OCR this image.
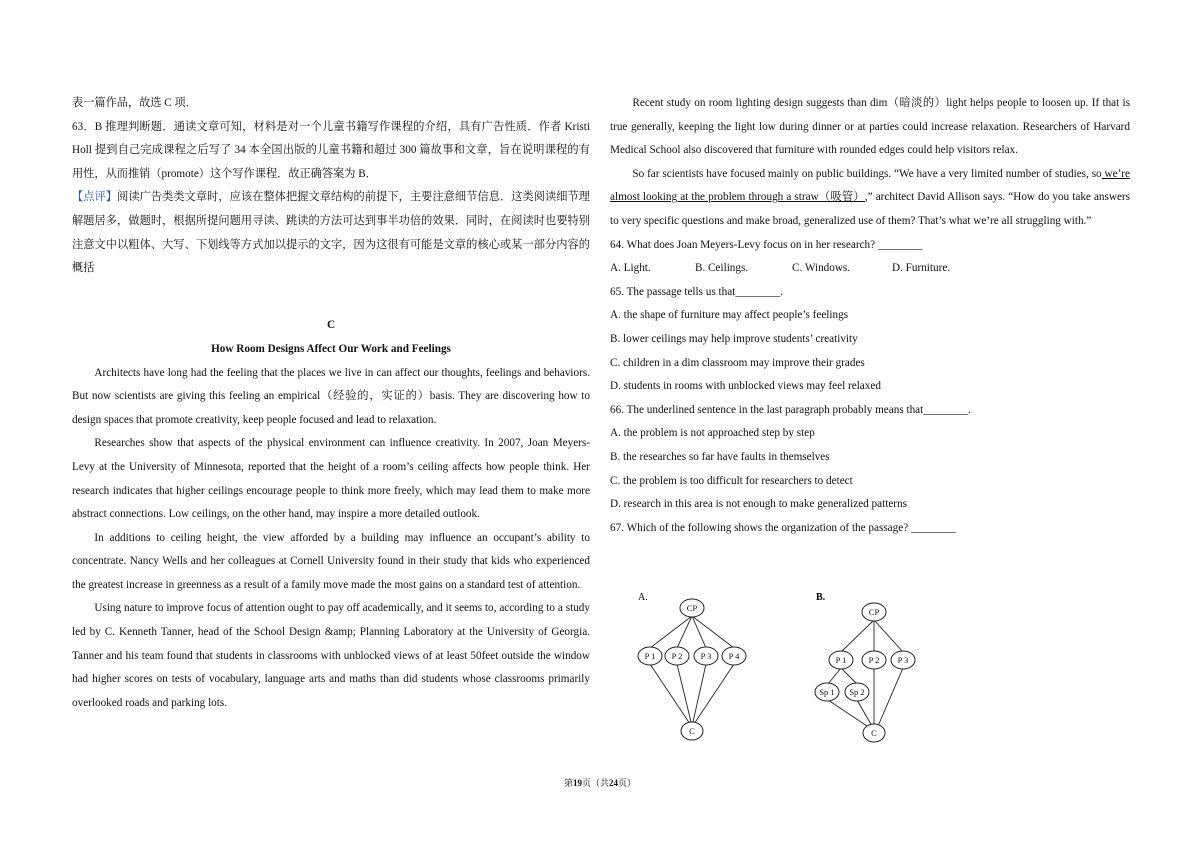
表一篇作品，故选 C 项．

63．B 推理判断题．通读文章可知，材料是对一个儿童书籍写作课程的介绍，具有广告性质．作者 Kristi Holl 提到自己完成课程之后写了 34 本全国出版的儿童书籍和超过 300 篇故事和文章，旨在说明课程的有用性，从而推销（promote）这个写作课程．故正确答案为 B．

【点评】阅读广告类类文章时，应该在整体把握文章结构的前提下，主要注意细节信息．这类阅读细节理解题居多，做题时，根据所提问题用寻读、跳读的方法可达到事半功倍的效果．同时，在阅读时也要特别注意文中以粗体、大写、下划线等方式加以提示的文字，因为这很有可能是文章的核心或某一部分内容的概括

C

How Room Designs Affect Our Work and Feelings

Architects have long had the feeling that the places we live in can affect our thoughts, feelings and behaviors. But now scientists are giving this feeling an empirical（经验的，实证的）basis. They are discovering how to design spaces that promote creativity, keep people focused and lead to relaxation.

Researches show that aspects of the physical environment can influence creativity. In 2007, Joan Meyers-Levy at the University of Minnesota, reported that the height of a room’s ceiling affects how people think. Her research indicates that higher ceilings encourage people to think more freely, which may lead them to make more abstract connections. Low ceilings, on the other hand, may inspire a more detailed outlook.

In additions to ceiling height, the view afforded by a building may influence an occupant’s ability to concentrate. Nancy Wells and her colleagues at Cornell University found in their study that kids who experienced the greatest increase in greenness as a result of a family move made the most gains on a standard test of attention.

Using nature to improve focus of attention ought to pay off academically, and it seems to, according to a study led by C. Kenneth Tanner, head of the School Design &amp; Planning Laboratory at the University of Georgia. Tanner and his team found that students in classrooms with unblocked views of at least 50feet outside the window had higher scores on tests of vocabulary, language arts and maths than did students whose classrooms primarily overlooked roads and parking lots.

Recent study on room lighting design suggests than dim（暗淡的）light helps people to loosen up. If that is true generally, keeping the light low during dinner or at parties could increase relaxation. Researchers of Harvard Medical School also discovered that furniture with rounded edges could help visitors relax.

So far scientists have focused mainly on public buildings. “We have a very limited number of studies, so we’re almost looking at the problem through a straw（吸管）,” architect David Allison says. “How do you take answers to very specific questions and make broad, generalized use of them? That’s what we’re all struggling with.”

64. What does Joan Meyers-Levy focus on in her research? ________

A. Light.	B. Ceilings.	C. Windows.	D. Furniture.

65. The passage tells us that________.

A. the shape of furniture may affect people’s feelings

B. lower ceilings may help improve students’ creativity

C. children in a dim classroom may improve their grades

D. students in rooms with unblocked views may feel relaxed

66. The underlined sentence in the last paragraph probably means that________.

A. the problem is not approached step by step

B. the researches so far have faults in themselves

C. the problem is too difficult for researchers to detect

D. research in this area is not enough to make generalized patterns

67. Which of the following shows the organization of the passage? ________

A.
CP
P 1 P 2 P 3 P 4
C
B.
CP
P 1	P 2 P 3
Sp 1 Sp 2
C
第19页（共24页）
